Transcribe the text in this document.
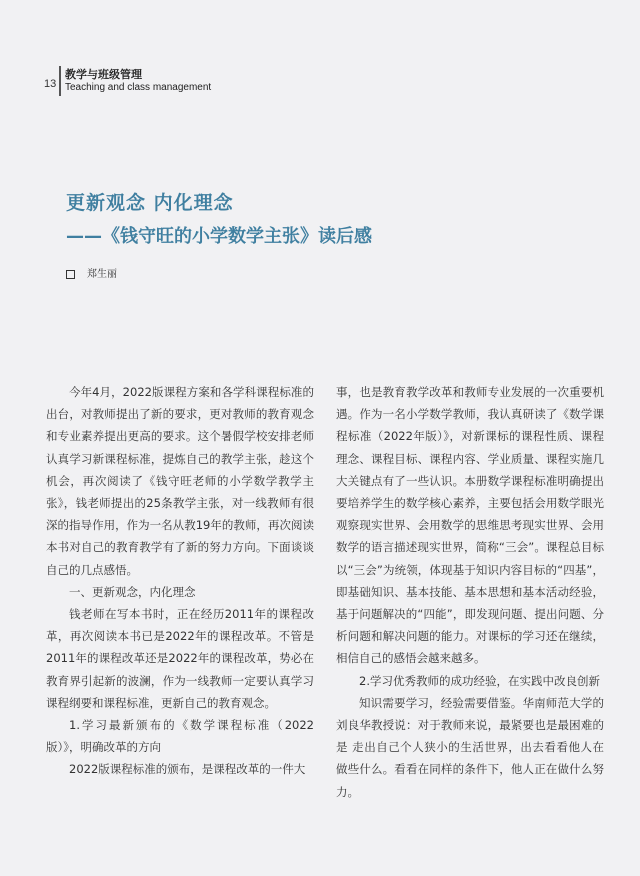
13
教学与班级管理
Teaching and class management
更新观念 内化理念
——《钱守旺的小学数学主张》读后感
郑生丽

今年4月，2022版课程方案和各学科课程标准的出台，对教师提出了新的要求，更对教师的教育观念和专业素养提出更高的要求。这个暑假学校安排老师认真学习新课程标准，提炼自己的教学主张，趁这个机会，再次阅读了《钱守旺老师的小学数学教学主张》，钱老师提出的25条教学主张，对一线教师有很深的指导作用，作为一名从教19年的教师，再次阅读本书对自己的教育教学有了新的努力方向。下面谈谈自己的几点感悟。

一、更新观念，内化理念

钱老师在写本书时，正在经历2011年的课程改革，再次阅读本书已是2022年的课程改革。不管是2011年的课程改革还是2022年的课程改革，势必在教育界引起新的波澜，作为一线教师一定要认真学习课程纲要和课程标准，更新自己的教育观念。

1.学习最新颁布的《数学课程标准（2022版）》，明确改革的方向

2022版课程标准的颁布，是课程改革的一件大

事，也是教育教学改革和教师专业发展的一次重要机遇。作为一名小学数学教师，我认真研读了《数学课程标准（2022年版）》，对新课标的课程性质、课程理念、课程目标、课程内容、学业质量、课程实施几大关键点有了一些认识。本册数学课程标准明确提出要培养学生的数学核心素养，主要包括会用数学眼光观察现实世界、会用数学的思维思考现实世界、会用数学的语言描述现实世界，简称“三会”。课程总目标以“三会”为统领，体现基于知识内容目标的“四基”，即基础知识、基本技能、基本思想和基本活动经验，基于问题解决的“四能”，即发现问题、提出问题、分析问题和解决问题的能力。对课标的学习还在继续，相信自己的感悟会越来越多。

2.学习优秀教师的成功经验，在实践中改良创新

知识需要学习，经验需要借鉴。华南师范大学的刘良华教授说：对于教师来说，最紧要也是最困难的是 走出自己个人狭小的生活世界，出去看看他人在做些什么。看看在同样的条件下，他人正在做什么努力。
